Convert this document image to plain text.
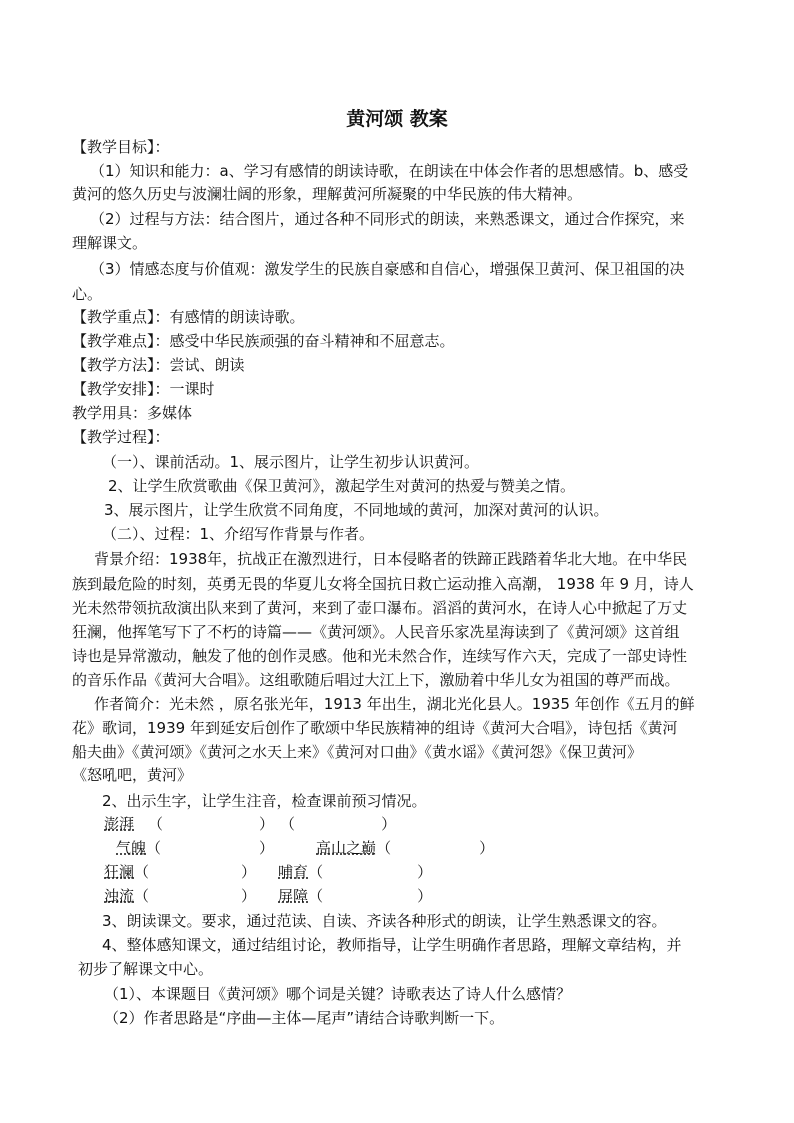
黄河颂 教案
【教学目标】：
（1）知识和能力：a、学习有感情的朗读诗歌，在朗读在中体会作者的思想感情。b、感受
黄河的悠久历史与波澜壮阔的形象，理解黄河所凝聚的中华民族的伟大精神。
（2）过程与方法：结合图片，通过各种不同形式的朗读，来熟悉课文，通过合作探究，来
理解课文。
（3）情感态度与价值观：激发学生的民族自豪感和自信心，增强保卫黄河、保卫祖国的决
心。
【教学重点】：有感情的朗读诗歌。
【教学难点】：感受中华民族顽强的奋斗精神和不屈意志。
【教学方法】：尝试、朗读
【教学安排】：一课时
教学用具：多媒体
【教学过程】：
（一）、课前活动。1、展示图片，让学生初步认识黄河。
2、让学生欣赏歌曲《保卫黄河》，激起学生对黄河的热爱与赞美之情。
3、展示图片，让学生欣赏不同角度，不同地域的黄河，加深对黄河的认识。
（二）、过程：1、介绍写作背景与作者。
背景介绍：1938年，抗战正在激烈进行，日本侵略者的铁蹄正践踏着华北大地。在中华民
族到最危险的时刻，英勇无畏的华夏儿女将全国抗日救亡运动推入高潮， 1938 年 9 月，诗人
光未然带领抗敌演出队来到了黄河，来到了壶口瀑布。滔滔的黄河水，在诗人心中掀起了万丈
狂澜，他挥笔写下了不朽的诗篇——《黄河颂》。人民音乐家冼星海读到了《黄河颂》这首组
诗也是异常激动，触发了他的创作灵感。他和光未然合作，连续写作六天，完成了一部史诗性
的音乐作品《黄河大合唱》。这组歌随后唱过大江上下，激励着中华儿女为祖国的尊严而战。
作者简介：光未然 ，原名张光年，1913 年出生，湖北光化县人。1935 年创作《五月的鲜
花》歌词，1939 年到延安后创作了歌颂中华民族精神的组诗《黄河大合唱》，诗包括《黄河
船夫曲》《黄河颂》《黄河之水天上来》《黄河对口曲》《黄水谣》《黄河怨》《保卫黄河》
《怒吼吧，黄河》
2、出示生字，让学生注音，检查课前预习情况。
澎湃 （	） （	）
气魄（	）	高山之巅（	）
狂澜（	） 哺育（	）
浊流（	） 屏障（	）
3、朗读课文。要求，通过范读、自读、齐读各种形式的朗读，让学生熟悉课文的容。
4、整体感知课文，通过结组讨论，教师指导，让学生明确作者思路，理解文章结构，并
初步了解课文中心。
（1）、本课题目《黄河颂》哪个词是关键？诗歌表达了诗人什么感情？
（2）作者思路是“序曲—主体—尾声”请结合诗歌判断一下。
